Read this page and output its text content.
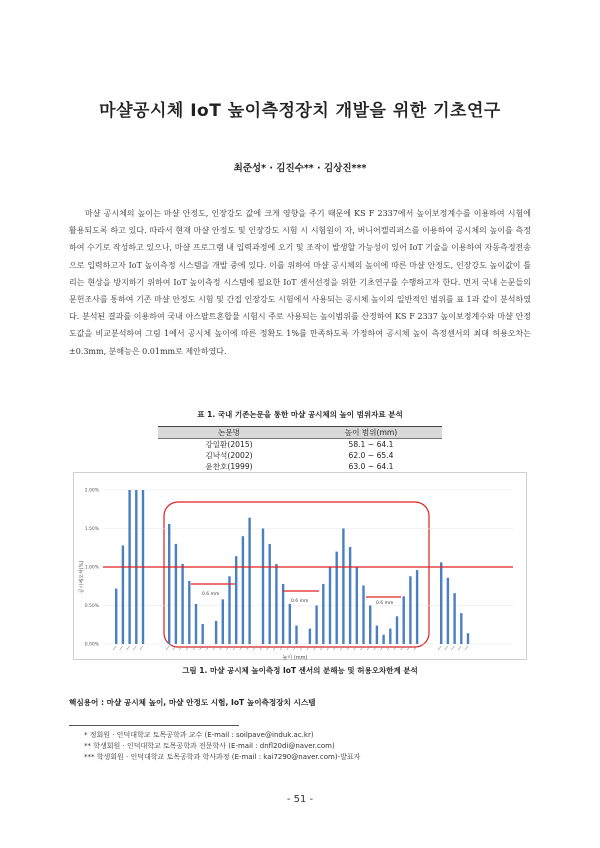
마샬공시체 IoT 높이측정장치 개발을 위한 기초연구
최준성* · 김진수** · 김상진***

마샬 공시체의 높이는 마샬 안정도, 인장강도 값에 크게 영향을 주기 때문에 KS F 2337에서 높이보정계수를 이용하여 시험에 활용되도록 하고 있다. 따라서 현재 마샬 안정도 및 인장강도 시험 시 시험원이 자, 버니어캘리퍼스를 이용하여 공시체의 높이를 측정하여 수기로 작성하고 있으나, 마샬 프로그램 내 입력과정에 오기 및 조작이 발생할 가능성이 있어 IoT 기술을 이용하여 자동측정전송으로 입력하고자 IoT 높이측정 시스템을 개발 중에 있다. 이를 위하여 마샬 공시체의 높이에 따른 마샬 안정도, 인장강도 높이값이 틀리는 현상을 방지하기 위하여 IoT 높이측정 시스템에 필요한 IoT 센서선정을 위한 기초연구를 수행하고자 한다. 먼저 국내 논문들의 문헌조사를 통하여 기존 마샬 안정도 시험 및 간접 인장강도 시험에서 사용되는 공시체 높이의 일반적인 범위를 표 1과 같이 분석하였다. 분석된 결과를 이용하여 국내 아스팔트혼합물 시험시 주로 사용되는 높이범위를 산정하여 KS F 2337 높이보정계수와 마샬 안정도값을 비교분석하여 그림 1에서 공시체 높이에 따른 정확도 1%를 만족하도록 가정하여 공시체 높이 측정센서의 최대 허용오차는 ±0.3mm, 분해능은 0.01mm로 제안하였다.

표 1. 국내 기존논문을 통한 마샬 공시체의 높이 범위자료 분석
논문명	높이 범위(mm)
강일환(2015)	58.1 ~ 64.1
김낙석(2002)	62.0 ~ 65.4
윤찬호(1999)	63.0 ~ 64.1

0.00%
0.50%
1.00%
1.50%
2.00%
0.6 mm
0.6 mm	0.6 mm
공시체오차(%)
높이 (mm)
그림 1. 마샬 공시체 높이측정 IoT 센서의 분해능 및 허용오차한계 분석
핵심용어 : 마샬 공시체 높이, 마샬 안정도 시험, IoT 높이측정장치 시스템
* 정회원 · 인덕대학교 토목공학과 교수 (E-mail : soilpave@induk.ac.kr)
** 학생회원 · 인덕대학교 토목공학과 전문학사 (E-mail : dnfl20di@naver.com)
*** 학생회원 · 인덕대학교 토목공학과 학사과정 (E-mail : kai7290@naver.com)-발표자
- 51 -
